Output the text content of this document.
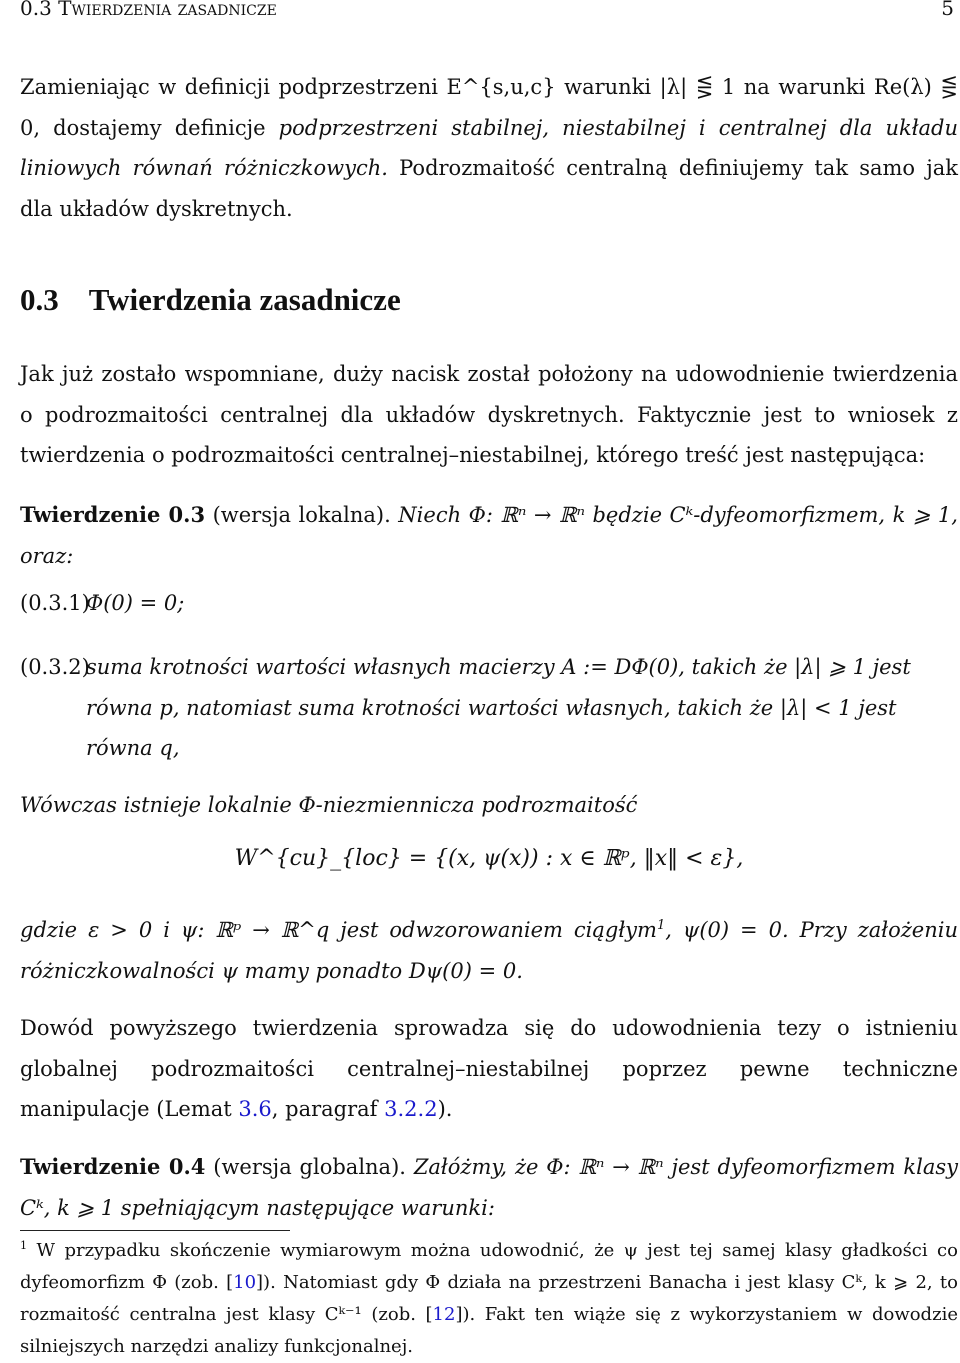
0.3 Twierdzenia zasadnicze	5

Zamieniając w definicji podprzestrzeni E^{s,u,c} warunki |λ| ⋚ 1 na warunki Re(λ) ⋚ 0, dostajemy definicje podprzestrzeni stabilnej, niestabilnej i centralnej dla układu liniowych równań różniczkowych. Podrozmaitość centralną definiujemy tak samo jak dla układów dyskretnych.

0.3 Twierdzenia zasadnicze

Jak już zostało wspomniane, duży nacisk został położony na udowodnienie twierdzenia o podrozmaitości centralnej dla układów dyskretnych. Faktycznie jest to wniosek z twierdzenia o podrozmaitości centralnej–niestabilnej, którego treść jest następująca:

Twierdzenie 0.3 (wersja lokalna). Niech Φ: ℝⁿ → ℝⁿ będzie Cᵏ-dyfeomorfizmem, k ⩾ 1, oraz:

(0.3.1)
Φ(0) = 0;
(0.3.2)
suma krotności wartości własnych macierzy A := DΦ(0), takich że |λ| ⩾ 1 jest równa p, natomiast suma krotności wartości własnych, takich że |λ| < 1 jest równa q,

Wówczas istnieje lokalnie Φ-niezmiennicza podrozmaitość

W^{cu}_{loc} = {(x, ψ(x)) : x ∈ ℝᵖ, ‖x‖ < ε},

gdzie ε > 0 i ψ: ℝᵖ → ℝ^q jest odwzorowaniem ciągłym$^1$, ψ(0) = 0. Przy założeniu różniczkowalności ψ mamy ponadto Dψ(0) = 0.

Dowód powyższego twierdzenia sprowadza się do udowodnienia tezy o istnieniu globalnej podrozmaitości centralnej–niestabilnej poprzez pewne techniczne manipulacje (Lemat 3.6, paragraf 3.2.2).

Twierdzenie 0.4 (wersja globalna). Załóżmy, że Φ: ℝⁿ → ℝⁿ jest dyfeomorfizmem klasy Cᵏ, k ⩾ 1 spełniającym następujące warunki:

$^1$ W przypadku skończenie wymiarowym można udowodnić, że ψ jest tej samej klasy gładkości co dyfeomorfizm Φ (zob. [10]). Natomiast gdy Φ działa na przestrzeni Banacha i jest klasy Cᵏ, k ⩾ 2, to rozmaitość centralna jest klasy Cᵏ⁻¹ (zob. [12]). Fakt ten wiąże się z wykorzystaniem w dowodzie silniejszych narzędzi analizy funkcjonalnej.
